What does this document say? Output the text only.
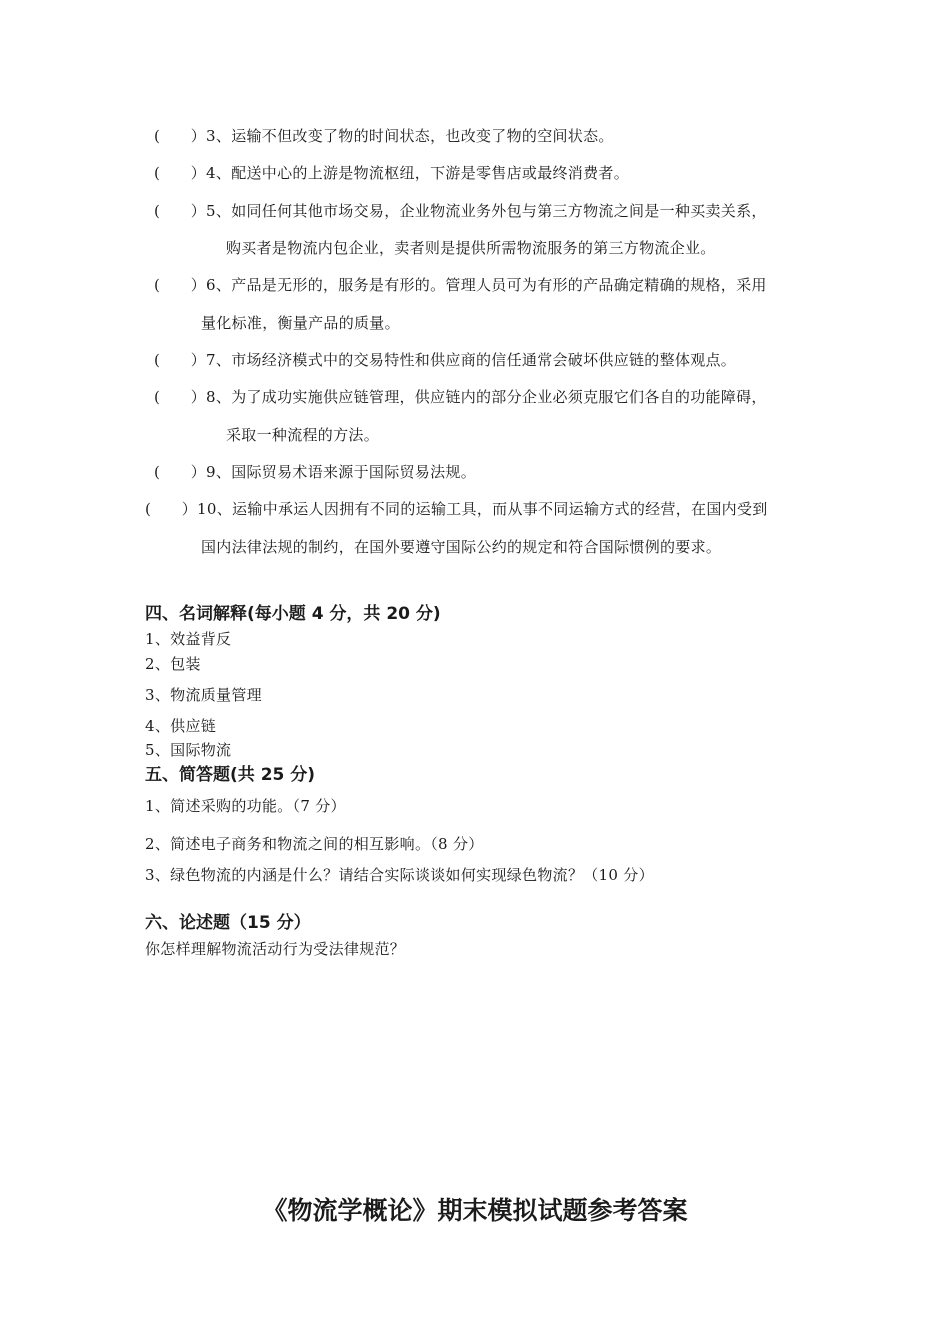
(　　）3、运输不但改变了物的时间状态，也改变了物的空间状态。
(　　）4、配送中心的上游是物流枢纽，下游是零售店或最终消费者。
(　　）5、如同任何其他市场交易，企业物流业务外包与第三方物流之间是一种买卖关系，
购买者是物流内包企业，卖者则是提供所需物流服务的第三方物流企业。
(　　）6、产品是无形的，服务是有形的。管理人员可为有形的产品确定精确的规格，采用
量化标准，衡量产品的质量。
(　　）7、市场经济模式中的交易特性和供应商的信任通常会破坏供应链的整体观点。
(　　）8、为了成功实施供应链管理，供应链内的部分企业必须克服它们各自的功能障碍，
采取一种流程的方法。
(　　）9、国际贸易术语来源于国际贸易法规。
(　　）10、运输中承运人因拥有不同的运输工具，而从事不同运输方式的经营，在国内受到
国内法律法规的制约，在国外要遵守国际公约的规定和符合国际惯例的要求。
四、名词解释(每小题 4 分，共 20 分)
1、效益背反
2、包装
3、物流质量管理
4、供应链
5、国际物流
五、简答题(共 25 分)
1、简述采购的功能。（7 分）
2、简述电子商务和物流之间的相互影响。（8 分）
3、绿色物流的内涵是什么？请结合实际谈谈如何实现绿色物流？（10 分）
六、论述题（15 分）
你怎样理解物流活动行为受法律规范？
《物流学概论》期末模拟试题参考答案
